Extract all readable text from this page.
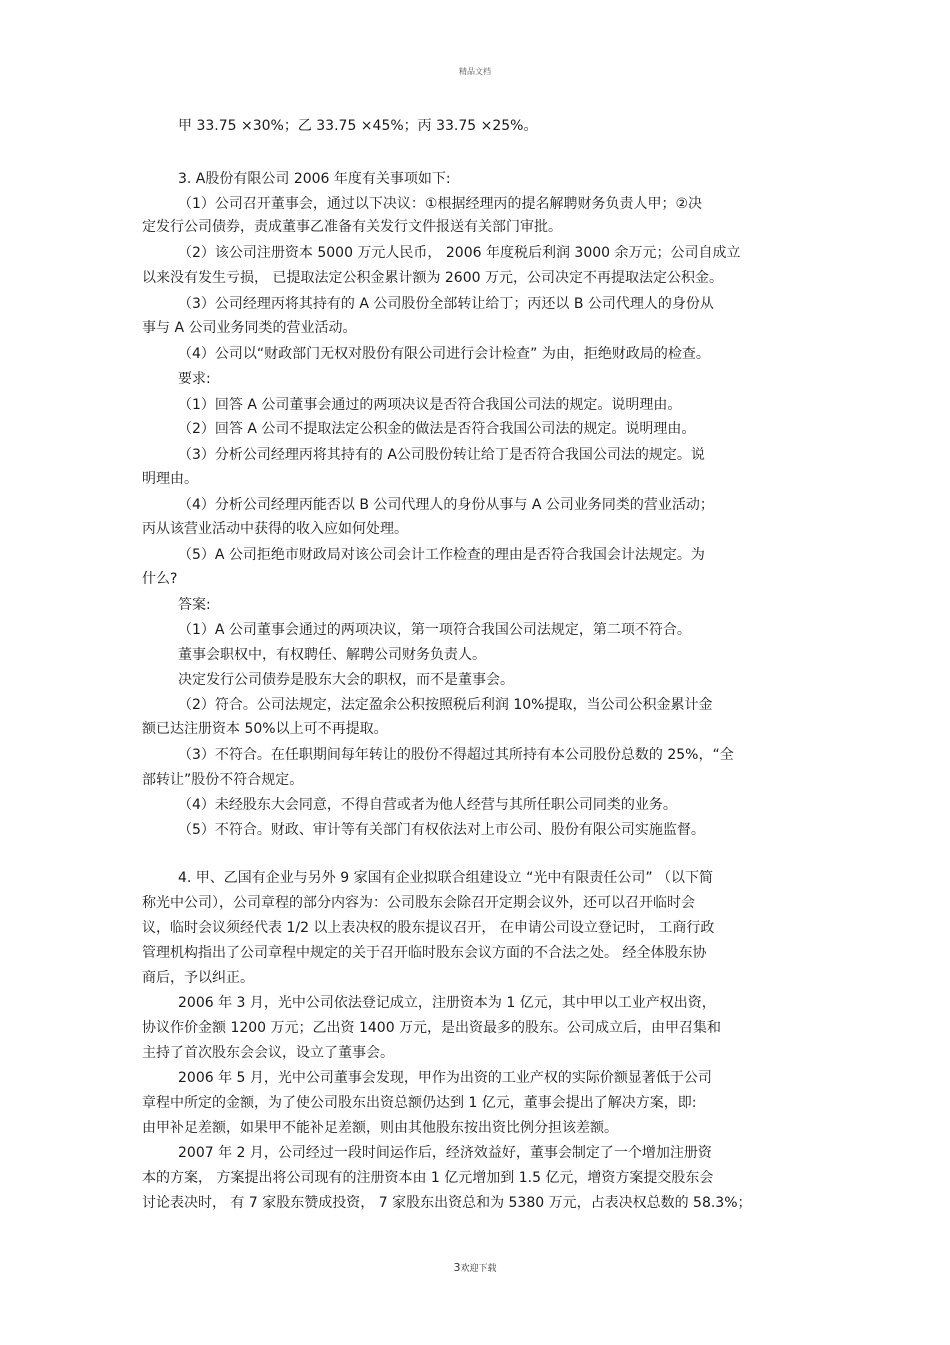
精品文档
甲 33.75 ×30%；乙 33.75 ×45%；丙 33.75 ×25%。
3. A股份有限公司 2006 年度有关事项如下:
（1）公司召开董事会，通过以下决议：①根据经理丙的提名解聘财务负责人甲；②决
定发行公司债券，责成董事乙准备有关发行文件报送有关部门审批。
（2）该公司注册资本 5000 万元人民币， 2006 年度税后利润 3000 余万元；公司自成立
以来没有发生亏损， 已提取法定公积金累计额为 2600 万元，公司决定不再提取法定公积金。
（3）公司经理丙将其持有的 A 公司股份全部转让给丁；丙还以 B 公司代理人的身份从
事与 A 公司业务同类的营业活动。
（4）公司以“财政部门无权对股份有限公司进行会计检查” 为由，拒绝财政局的检查。
要求:
（1）回答 A 公司董事会通过的两项决议是否符合我国公司法的规定。说明理由。
（2）回答 A 公司不提取法定公积金的做法是否符合我国公司法的规定。说明理由。
（3）分析公司经理丙将其持有的 A公司股份转让给丁是否符合我国公司法的规定。说
明理由。
（4）分析公司经理丙能否以 B 公司代理人的身份从事与 A 公司业务同类的营业活动；
丙从该营业活动中获得的收入应如何处理。
（5）A 公司拒绝市财政局对该公司会计工作检查的理由是否符合我国会计法规定。为
什么?
答案:
（1）A 公司董事会通过的两项决议，第一项符合我国公司法规定，第二项不符合。
董事会职权中，有权聘任、解聘公司财务负责人。
决定发行公司债券是股东大会的职权，而不是董事会。
（2）符合。公司法规定，法定盈余公积按照税后利润 10%提取，当公司公积金累计金
额已达注册资本 50%以上可不再提取。
（3）不符合。在任职期间每年转让的股份不得超过其所持有本公司股份总数的 25%，“全
部转让”股份不符合规定。
（4）未经股东大会同意，不得自营或者为他人经营与其所任职公司同类的业务。
（5）不符合。财政、审计等有关部门有权依法对上市公司、股份有限公司实施监督。
4. 甲、乙国有企业与另外 9 家国有企业拟联合组建设立 “光中有限责任公司” （以下简
称光中公司），公司章程的部分内容为：公司股东会除召开定期会议外，还可以召开临时会
议，临时会议须经代表 1/2 以上表决权的股东提议召开， 在申请公司设立登记时， 工商行政
管理机构指出了公司章程中规定的关于召开临时股东会议方面的不合法之处。 经全体股东协
商后，予以纠正。
2006 年 3 月，光中公司依法登记成立，注册资本为 1 亿元，其中甲以工业产权出资，
协议作价金额 1200 万元；乙出资 1400 万元，是出资最多的股东。公司成立后，由甲召集和
主持了首次股东会会议，设立了董事会。
2006 年 5 月，光中公司董事会发现，甲作为出资的工业产权的实际价额显著低于公司
章程中所定的金额，为了使公司股东出资总额仍达到 1 亿元，董事会提出了解决方案，即:
由甲补足差额，如果甲不能补足差额，则由其他股东按出资比例分担该差额。
2007 年 2 月，公司经过一段时间运作后，经济效益好，董事会制定了一个增加注册资
本的方案， 方案提出将公司现有的注册资本由 1 亿元增加到 1.5 亿元，增资方案提交股东会
讨论表决时， 有 7 家股东赞成投资， 7 家股东出资总和为 5380 万元，占表决权总数的 58.3%；
3欢迎下载
